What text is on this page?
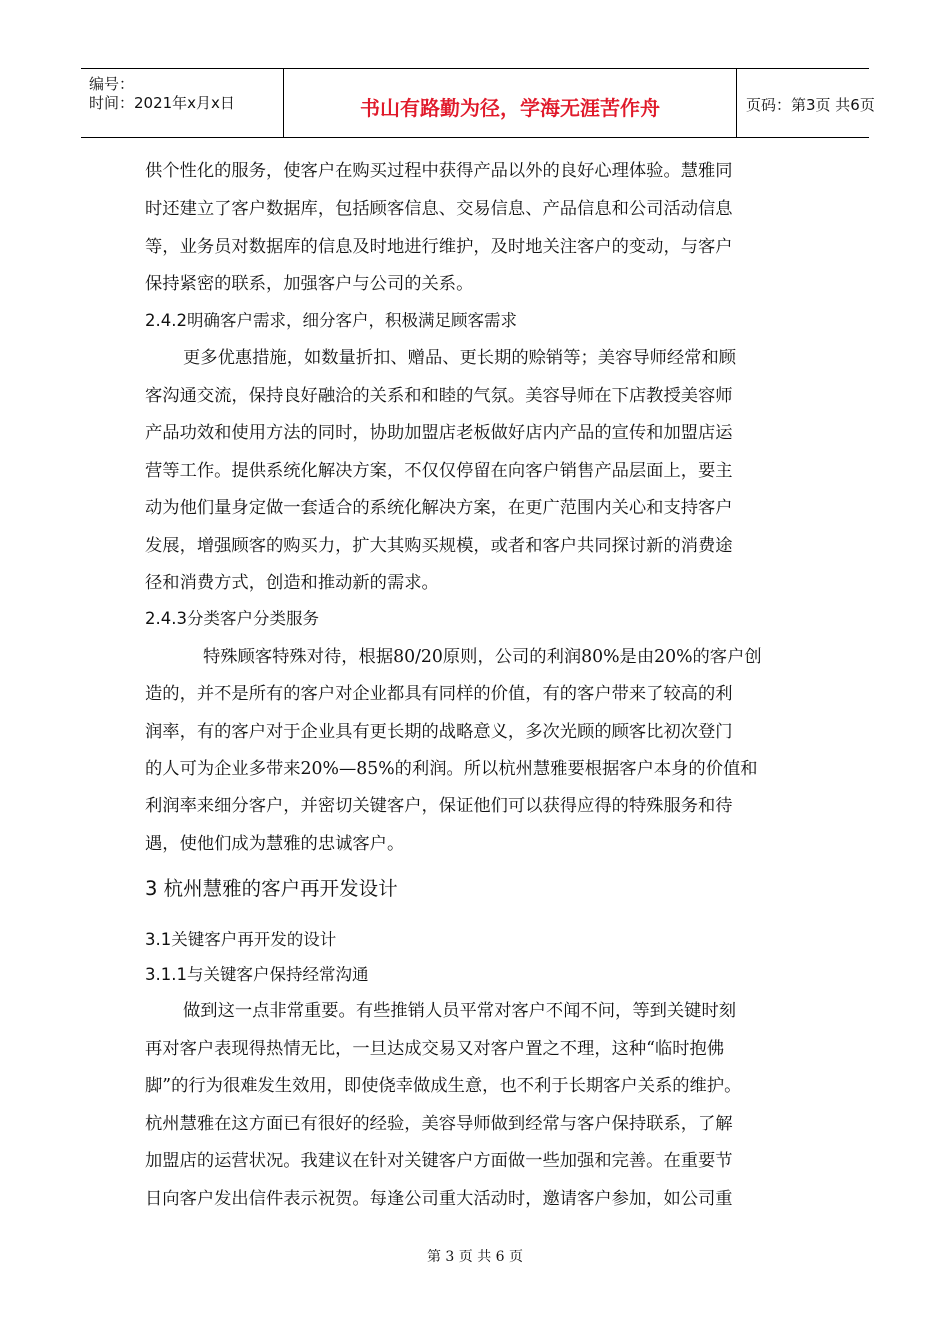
编号：
时间：2021年x月x日	书山有路勤为径，学海无涯苦作舟	页码：第3页 共6页
供个性化的服务，使客户在购买过程中获得产品以外的良好心理体验。慧雅同
时还建立了客户数据库，包括顾客信息、交易信息、产品信息和公司活动信息
等，业务员对数据库的信息及时地进行维护，及时地关注客户的变动，与客户
保持紧密的联系，加强客户与公司的关系。
2.4.2明确客户需求，细分客户，积极满足顾客需求
更多优惠措施，如数量折扣、赠品、更长期的赊销等；美容导师经常和顾
客沟通交流，保持良好融洽的关系和和睦的气氛。美容导师在下店教授美容师
产品功效和使用方法的同时，协助加盟店老板做好店内产品的宣传和加盟店运
营等工作。提供系统化解决方案，不仅仅停留在向客户销售产品层面上，要主
动为他们量身定做一套适合的系统化解决方案，在更广范围内关心和支持客户
发展，增强顾客的购买力，扩大其购买规模，或者和客户共同探讨新的消费途
径和消费方式，创造和推动新的需求。
2.4.3分类客户分类服务
特殊顾客特殊对待，根据80/20原则，公司的利润80%是由20%的客户创
造的，并不是所有的客户对企业都具有同样的价值，有的客户带来了较高的利
润率，有的客户对于企业具有更长期的战略意义，多次光顾的顾客比初次登门
的人可为企业多带来20%—85%的利润。所以杭州慧雅要根据客户本身的价值和
利润率来细分客户，并密切关键客户，保证他们可以获得应得的特殊服务和待
遇，使他们成为慧雅的忠诚客户。
3 杭州慧雅的客户再开发设计
3.1关键客户再开发的设计
3.1.1与关键客户保持经常沟通
做到这一点非常重要。有些推销人员平常对客户不闻不问，等到关键时刻
再对客户表现得热情无比，一旦达成交易又对客户置之不理，这种“临时抱佛
脚”的行为很难发生效用，即使侥幸做成生意，也不利于长期客户关系的维护。
杭州慧雅在这方面已有很好的经验，美容导师做到经常与客户保持联系，了解
加盟店的运营状况。我建议在针对关键客户方面做一些加强和完善。在重要节
日向客户发出信件表示祝贺。每逢公司重大活动时，邀请客户参加，如公司重
第 3 页 共 6 页
